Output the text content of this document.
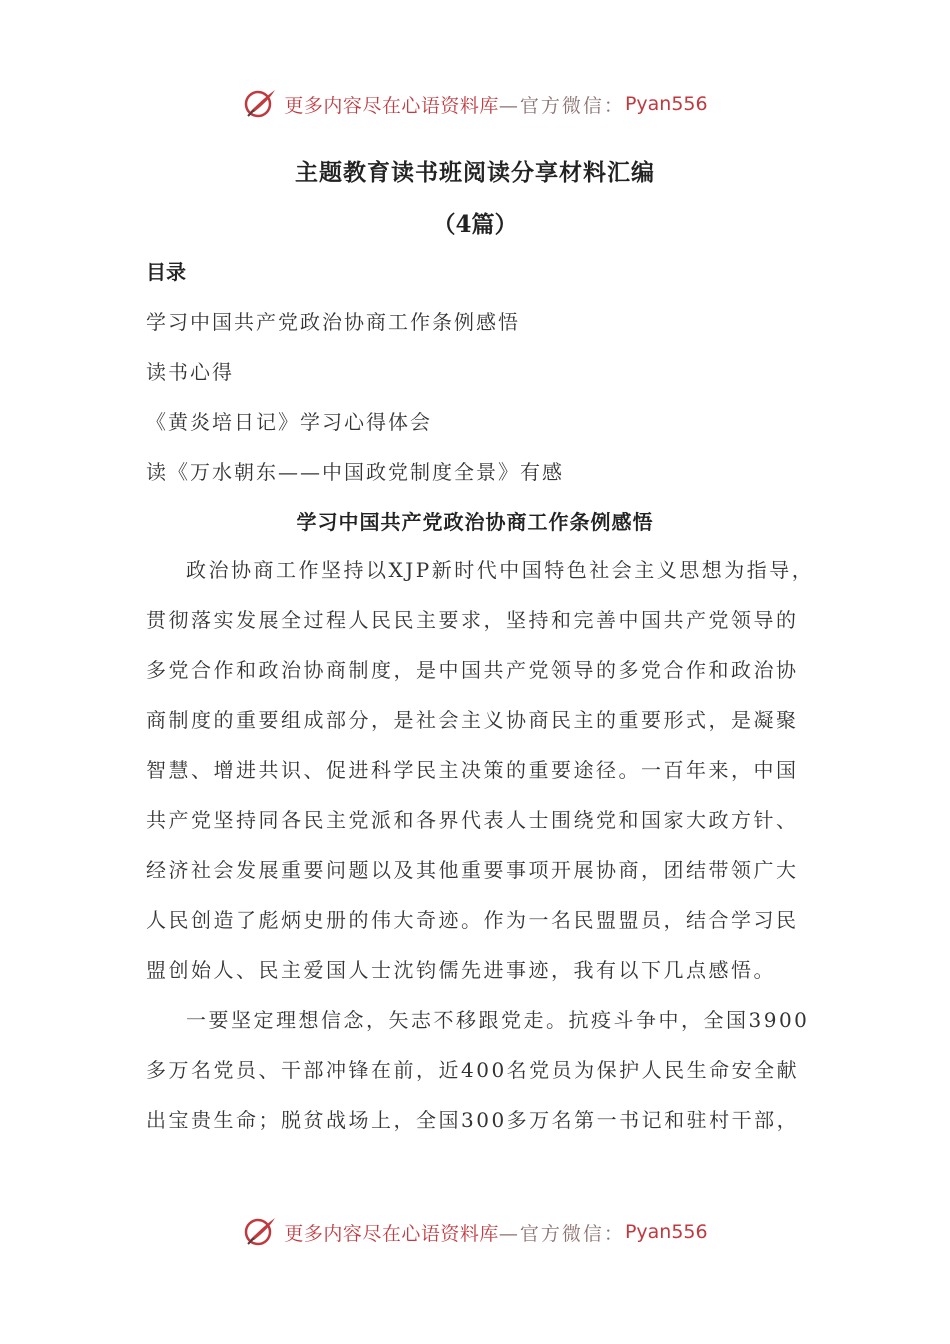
更多内容尽在心语资料库 —官方微信： Pyan556
主题教育读书班阅读分享材料汇编
（4篇）
目录
学习中国共产党政治协商工作条例感悟
读书心得
《黄炎培日记》学习心得体会
读《万水朝东——中国政党制度全景》有感
学习中国共产党政治协商工作条例感悟
政治协商工作坚持以XJP新时代中国特色社会主义思想为指导，
贯彻落实发展全过程人民民主要求，坚持和完善中国共产党领导的
多党合作和政治协商制度，是中国共产党领导的多党合作和政治协
商制度的重要组成部分，是社会主义协商民主的重要形式，是凝聚
智慧、增进共识、促进科学民主决策的重要途径。一百年来，中国
共产党坚持同各民主党派和各界代表人士围绕党和国家大政方针、
经济社会发展重要问题以及其他重要事项开展协商，团结带领广大
人民创造了彪炳史册的伟大奇迹。作为一名民盟盟员，结合学习民
盟创始人、民主爱国人士沈钧儒先进事迹，我有以下几点感悟。
一要坚定理想信念，矢志不移跟党走。抗疫斗争中，全国3900
多万名党员、干部冲锋在前，近400名党员为保护人民生命安全献
出宝贵生命；脱贫战场上，全国300多万名第一书记和驻村干部，
更多内容尽在心语资料库 —官方微信： Pyan556
